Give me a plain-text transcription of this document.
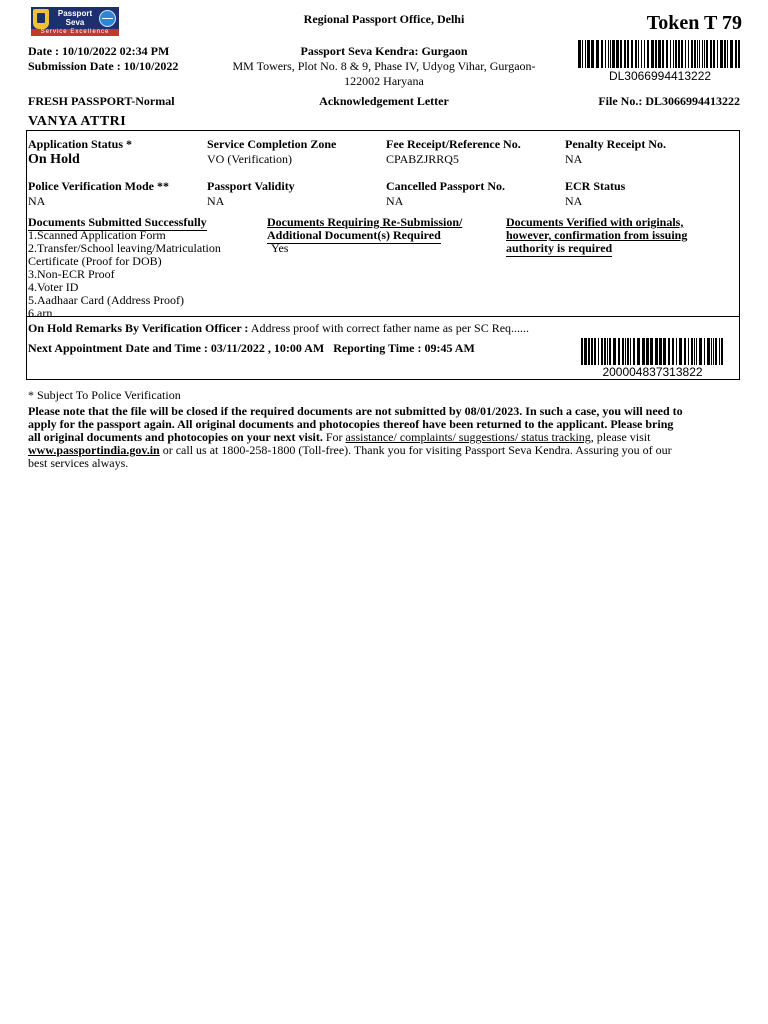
Passport
Seva
Service Excellence
Regional Passport Office, Delhi	Token T 79
Date : 10/10/2022 02:34 PM
Submission Date : 10/10/2022
Passport Seva Kendra: Gurgaon
MM Towers, Plot No. 8 & 9, Phase IV, Udyog Vihar, Gurgaon-
122002 Haryana	DL3066994413222
FRESH PASSPORT-Normal	Acknowledgement Letter	File No.: DL3066994413222
VANYA ATTRI
Application Status *
On Hold
Service Completion Zone
VO (Verification)
Fee Receipt/Reference No.
CPABZJRRQ5
Penalty Receipt No.
NA
Police Verification Mode **
NA
Passport Validity
NA
Cancelled Passport No.
NA
ECR Status
NA
Documents Submitted Successfully
1.Scanned Application Form
2.Transfer/School leaving/Matriculation
Certificate (Proof for DOB)
3.Non-ECR Proof
4.Voter ID
5.Aadhaar Card (Address Proof)
6.arn
Documents Requiring Re-Submission/
Additional Document(s) Required
Yes
Documents Verified with originals,
however, confirmation from issuing
authority is required
On Hold Remarks By Verification Officer : Address proof with correct father name as per SC Req......
Next Appointment Date and Time : 03/11/2022 , 10:00 AM Reporting Time : 09:45 AM
200004837313822
* Subject To Police Verification
Please note that the file will be closed if the required documents are not submitted by 08/01/2023. In such a case, you will need to
apply for the passport again. All original documents and photocopies thereof have been returned to the applicant. Please bring
all original documents and photocopies on your next visit. For assistance/ complaints/ suggestions/ status tracking, please visit
www.passportindia.gov.in or call us at 1800-258-1800 (Toll-free). Thank you for visiting Passport Seva Kendra. Assuring you of our
best services always.
